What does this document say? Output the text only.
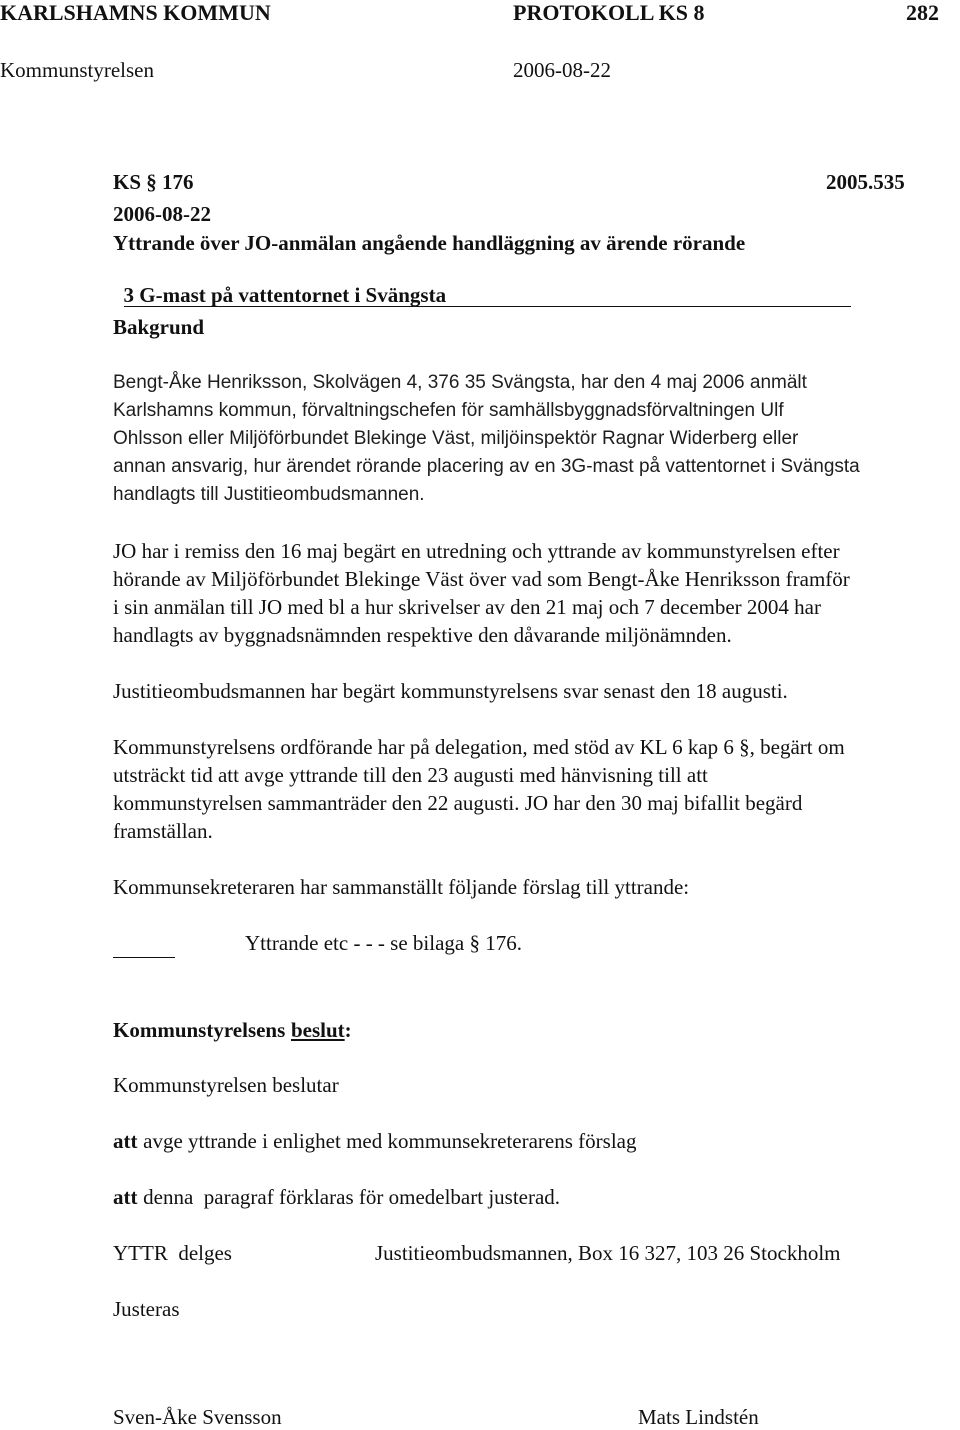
KARLSHAMNS KOMMUN	PROTOKOLL KS 8	282
Kommunstyrelsen	2006-08-22
KS § 176	2005.535
2006-08-22
Yttrande över JO-anmälan angående handläggning av ärende rörande

3 G-mast på vattentornet i Svängsta

Bakgrund
Bengt-Åke Henriksson, Skolvägen 4, 376 35 Svängsta, har den 4 maj 2006 anmält
Karlshamns kommun, förvaltningschefen för samhällsbyggnadsförvaltningen Ulf
Ohlsson eller Miljöförbundet Blekinge Väst, miljöinspektör Ragnar Widerberg eller
annan ansvarig, hur ärendet rörande placering av en 3G-mast på vattentornet i Svängsta
handlagts till Justitieombudsmannen.
JO har i remiss den 16 maj begärt en utredning och yttrande av kommunstyrelsen efter
hörande av Miljöförbundet Blekinge Väst över vad som Bengt-Åke Henriksson framför
i sin anmälan till JO med bl a hur skrivelser av den 21 maj och 7 december 2004 har
handlagts av byggnadsnämnden respektive den dåvarande miljönämnden.
Justitieombudsmannen har begärt kommunstyrelsens svar senast den 18 augusti.
Kommunstyrelsens ordförande har på delegation, med stöd av KL 6 kap 6 §, begärt om
utsträckt tid att avge yttrande till den 23 augusti med hänvisning till att
kommunstyrelsen sammanträder den 22 augusti. JO har den 30 maj bifallit begärd
framställan.
Kommunsekreteraren har sammanställt följande förslag till yttrande:
Yttrande etc - - - se bilaga § 176.
Kommunstyrelsens beslut:
Kommunstyrelsen beslutar
att avge yttrande i enlighet med kommunsekreterarens förslag
att denna  paragraf förklaras för omedelbart justerad.
YTTR  delges	Justitieombudsmannen, Box 16 327, 103 26 Stockholm
Justeras
Sven-Åke Svensson	Mats Lindstén
